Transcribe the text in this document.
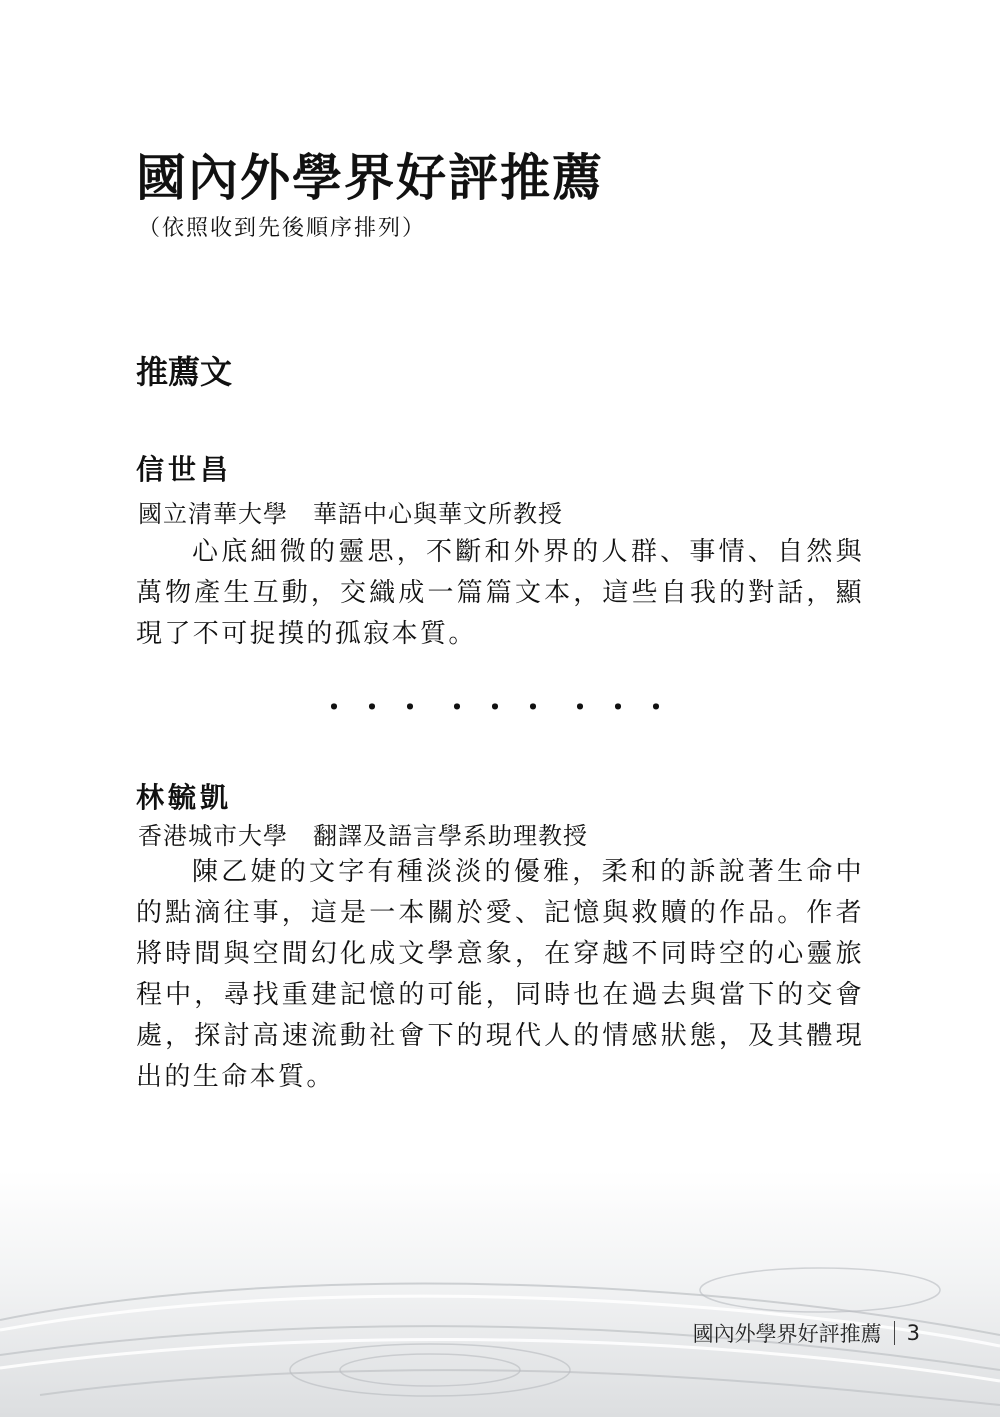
國內外學界好評推薦
（依照收到先後順序排列）
推薦文
信世昌
國立清華大學　華語中心與華文所教授

心底細微的靈思，不斷和外界的人群、事情、自然與萬物產生互動，交織成一篇篇文本，這些自我的對話，顯現了不可捉摸的孤寂本質。

・・・ ・・・ ・・・
林毓凱
香港城市大學　翻譯及語言學系助理教授

陳乙婕的文字有種淡淡的優雅，柔和的訴說著生命中的點滴往事，這是一本關於愛、記憶與救贖的作品。作者將時間與空間幻化成文學意象，在穿越不同時空的心靈旅程中，尋找重建記憶的可能，同時也在過去與當下的交會處，探討高速流動社會下的現代人的情感狀態，及其體現出的生命本質。

國內外學界好評推薦 3
